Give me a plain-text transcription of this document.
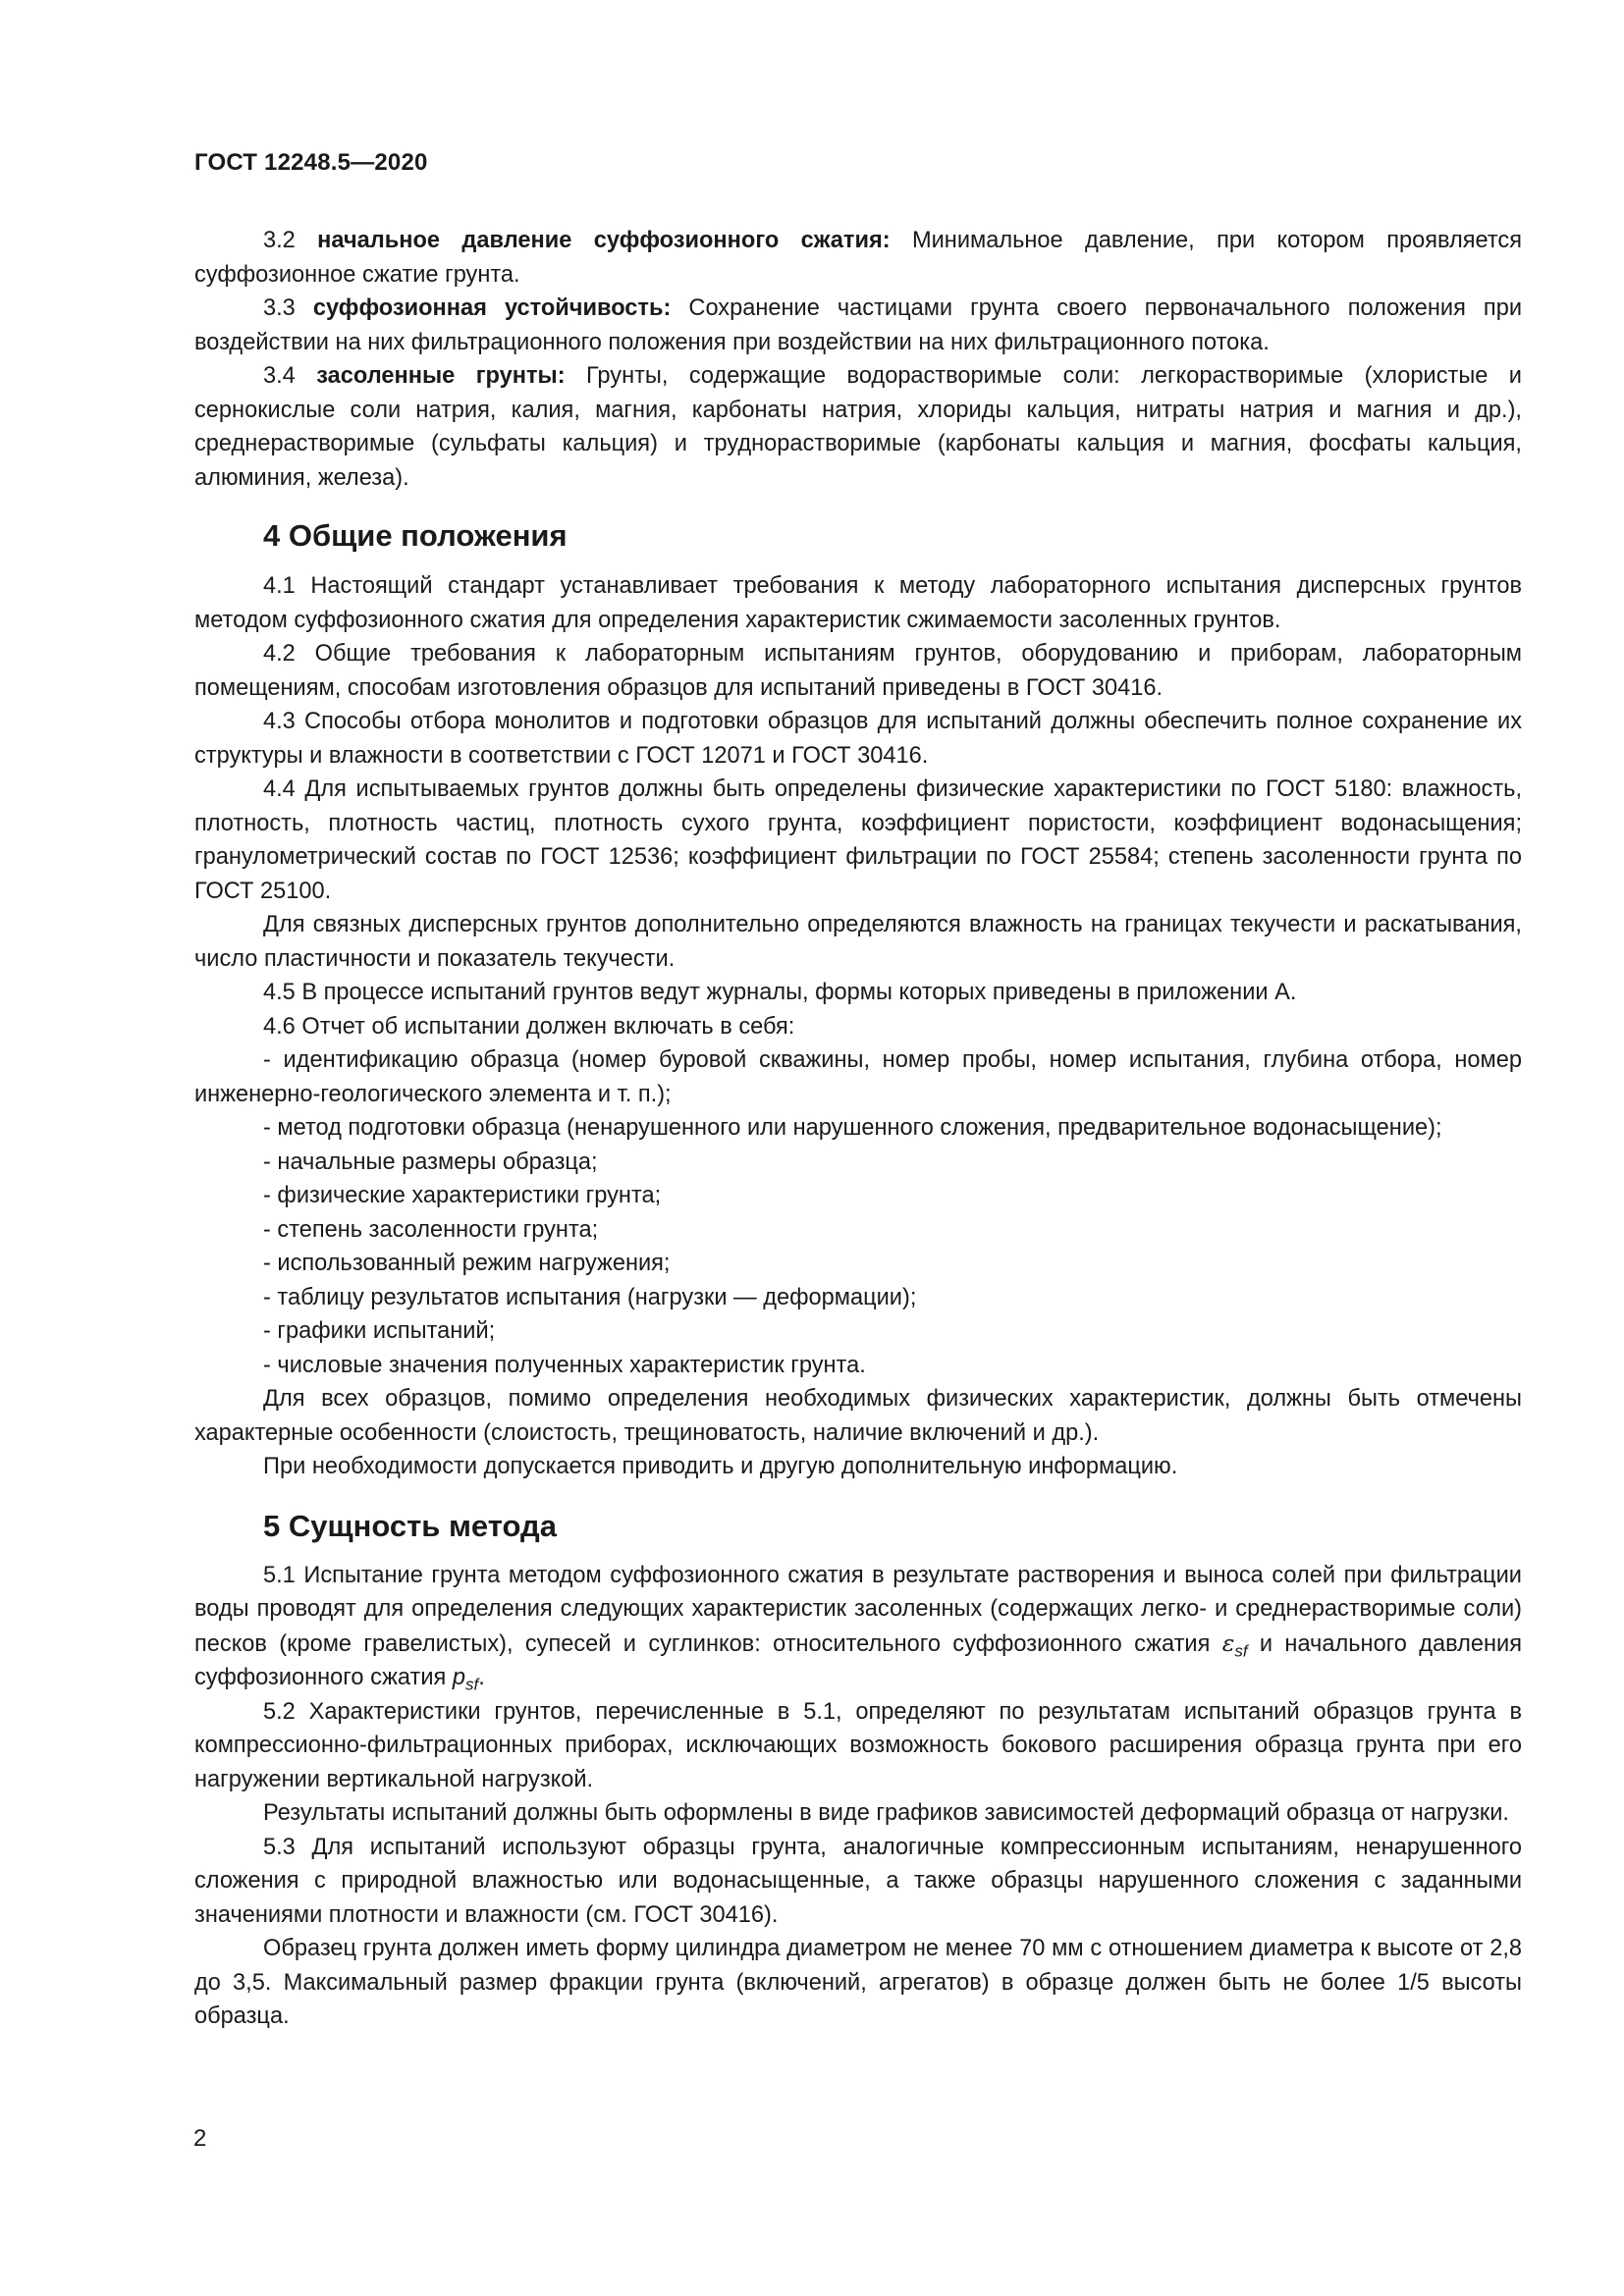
ГОСТ 12248.5—2020

3.2 начальное давление суффозионного сжатия: Минимальное давление, при котором проявляется суффозионное сжатие грунта.

3.3 суффозионная устойчивость: Сохранение частицами грунта своего первоначального положения при воздействии на них фильтрационного положения при воздействии на них фильтрационного потока.

3.4 засоленные грунты: Грунты, содержащие водорастворимые соли: легкорастворимые (хлористые и сернокислые соли натрия, калия, магния, карбонаты натрия, хлориды кальция, нитраты натрия и магния и др.), среднерастворимые (сульфаты кальция) и труднорастворимые (карбонаты кальция и магния, фосфаты кальция, алюминия, железа).

4 Общие положения

4.1 Настоящий стандарт устанавливает требования к методу лабораторного испытания дисперсных грунтов методом суффозионного сжатия для определения характеристик сжимаемости засоленных грунтов.

4.2 Общие требования к лабораторным испытаниям грунтов, оборудованию и приборам, лабораторным помещениям, способам изготовления образцов для испытаний приведены в ГОСТ 30416.

4.3 Способы отбора монолитов и подготовки образцов для испытаний должны обеспечить полное сохранение их структуры и влажности в соответствии с ГОСТ 12071 и ГОСТ 30416.

4.4 Для испытываемых грунтов должны быть определены физические характеристики по ГОСТ 5180: влажность, плотность, плотность частиц, плотность сухого грунта, коэффициент пористости, коэффициент водонасыщения; гранулометрический состав по ГОСТ 12536; коэффициент фильтрации по ГОСТ 25584; степень засоленности грунта по ГОСТ 25100.

Для связных дисперсных грунтов дополнительно определяются влажность на границах текучести и раскатывания, число пластичности и показатель текучести.

4.5 В процессе испытаний грунтов ведут журналы, формы которых приведены в приложении А.

4.6 Отчет об испытании должен включать в себя:

- идентификацию образца (номер буровой скважины, номер пробы, номер испытания, глубина отбора, номер инженерно-геологического элемента и т. п.);

- метод подготовки образца (ненарушенного или нарушенного сложения, предварительное водонасыщение);

- начальные размеры образца;

- физические характеристики грунта;

- степень засоленности грунта;

- использованный режим нагружения;

- таблицу результатов испытания (нагрузки — деформации);

- графики испытаний;

- числовые значения полученных характеристик грунта.

Для всех образцов, помимо определения необходимых физических характеристик, должны быть отмечены характерные особенности (слоистость, трещиноватость, наличие включений и др.).

При необходимости допускается приводить и другую дополнительную информацию.

5 Сущность метода

5.1 Испытание грунта методом суффозионного сжатия в результате растворения и выноса солей при фильтрации воды проводят для определения следующих характеристик засоленных (содержащих легко- и среднерастворимые соли) песков (кроме гравелистых), супесей и суглинков: относительного суффозионного сжатия $\varepsilon_{sf}$ и начального давления суффозионного сжатия $p_{sf}$.

5.2 Характеристики грунтов, перечисленные в 5.1, определяют по результатам испытаний образцов грунта в компрессионно-фильтрационных приборах, исключающих возможность бокового расширения образца грунта при его нагружении вертикальной нагрузкой.

Результаты испытаний должны быть оформлены в виде графиков зависимостей деформаций образца от нагрузки.

5.3 Для испытаний используют образцы грунта, аналогичные компрессионным испытаниям, ненарушенного сложения с природной влажностью или водонасыщенные, а также образцы нарушенного сложения с заданными значениями плотности и влажности (см. ГОСТ 30416).

Образец грунта должен иметь форму цилиндра диаметром не менее 70 мм с отношением диаметра к высоте от 2,8 до 3,5. Максимальный размер фракции грунта (включений, агрегатов) в образце должен быть не более 1/5 высоты образца.

2
